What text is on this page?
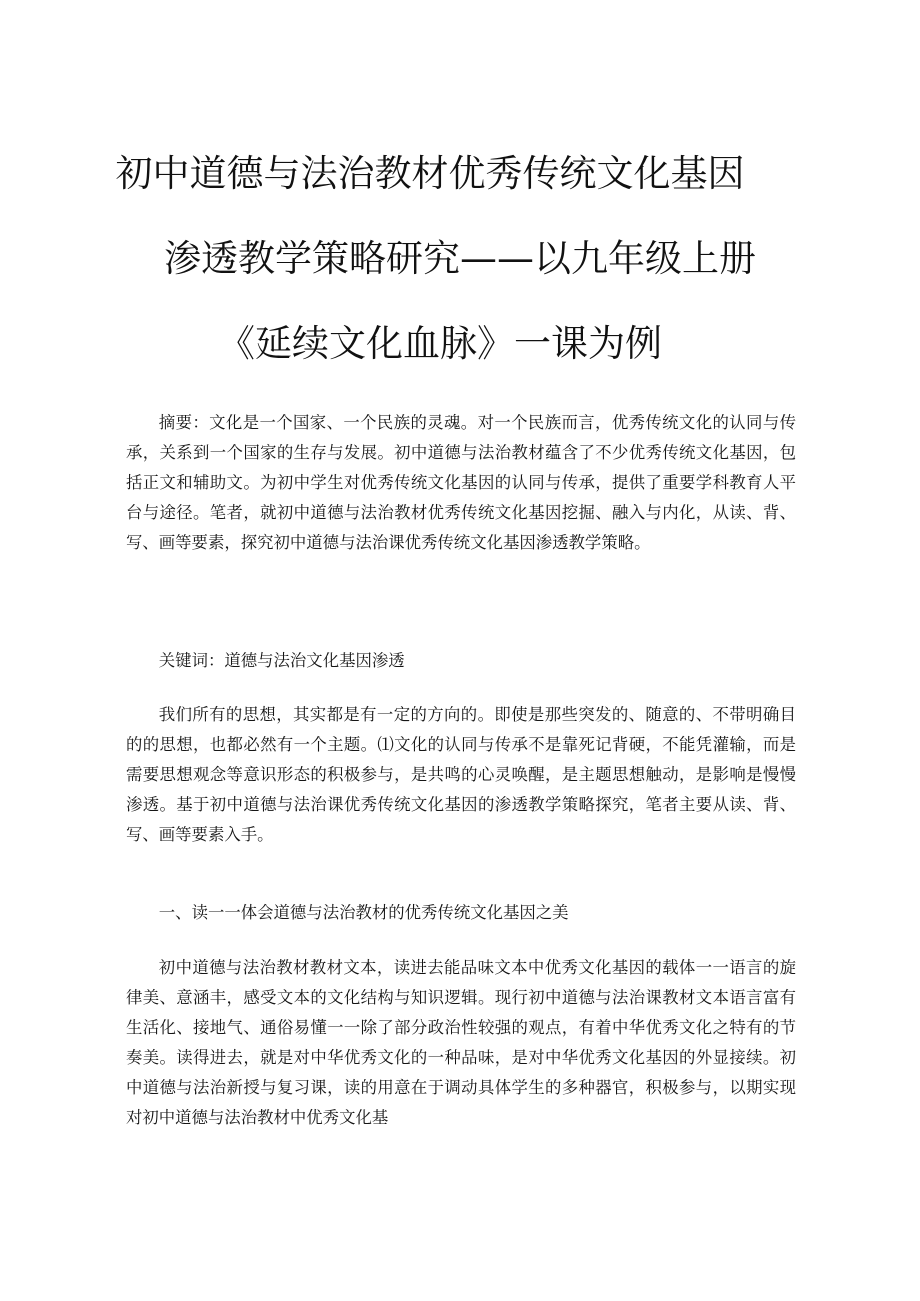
初中道德与法治教材优秀传统文化基因
渗透教学策略研究——以九年级上册
《延续文化血脉》一课为例
摘要：文化是一个国家、一个民族的灵魂。对一个民族而言，优秀传统文化的认同与传承，关系到一个国家的生存与发展。初中道德与法治教材蕴含了不少优秀传统文化基因，包括正文和辅助文。为初中学生对优秀传统文化基因的认同与传承，提供了重要学科教育人平台与途径。笔者，就初中道德与法治教材优秀传统文化基因挖掘、融入与内化，从读、背、写、画等要素，探究初中道德与法治课优秀传统文化基因渗透教学策略。
关键词：道德与法治文化基因渗透
我们所有的思想，其实都是有一定的方向的。即使是那些突发的、随意的、不带明确目的的思想，也都必然有一个主题。⑴文化的认同与传承不是靠死记背硬，不能凭灌输，而是需要思想观念等意识形态的积极参与，是共鸣的心灵唤醒，是主题思想触动，是影响是慢慢渗透。基于初中道德与法治课优秀传统文化基因的渗透教学策略探究，笔者主要从读、背、写、画等要素入手。
一、读一一体会道德与法治教材的优秀传统文化基因之美
初中道德与法治教材教材文本，读进去能品味文本中优秀文化基因的载体一一语言的旋律美、意涵丰，感受文本的文化结构与知识逻辑。现行初中道德与法治课教材文本语言富有生活化、接地气、通俗易懂一一除了部分政治性较强的观点，有着中华优秀文化之特有的节奏美。读得进去，就是对中华优秀文化的一种品味，是对中华优秀文化基因的外显接续。初中道德与法治新授与复习课，读的用意在于调动具体学生的多种器官，积极参与，以期实现对初中道德与法治教材中优秀文化基
